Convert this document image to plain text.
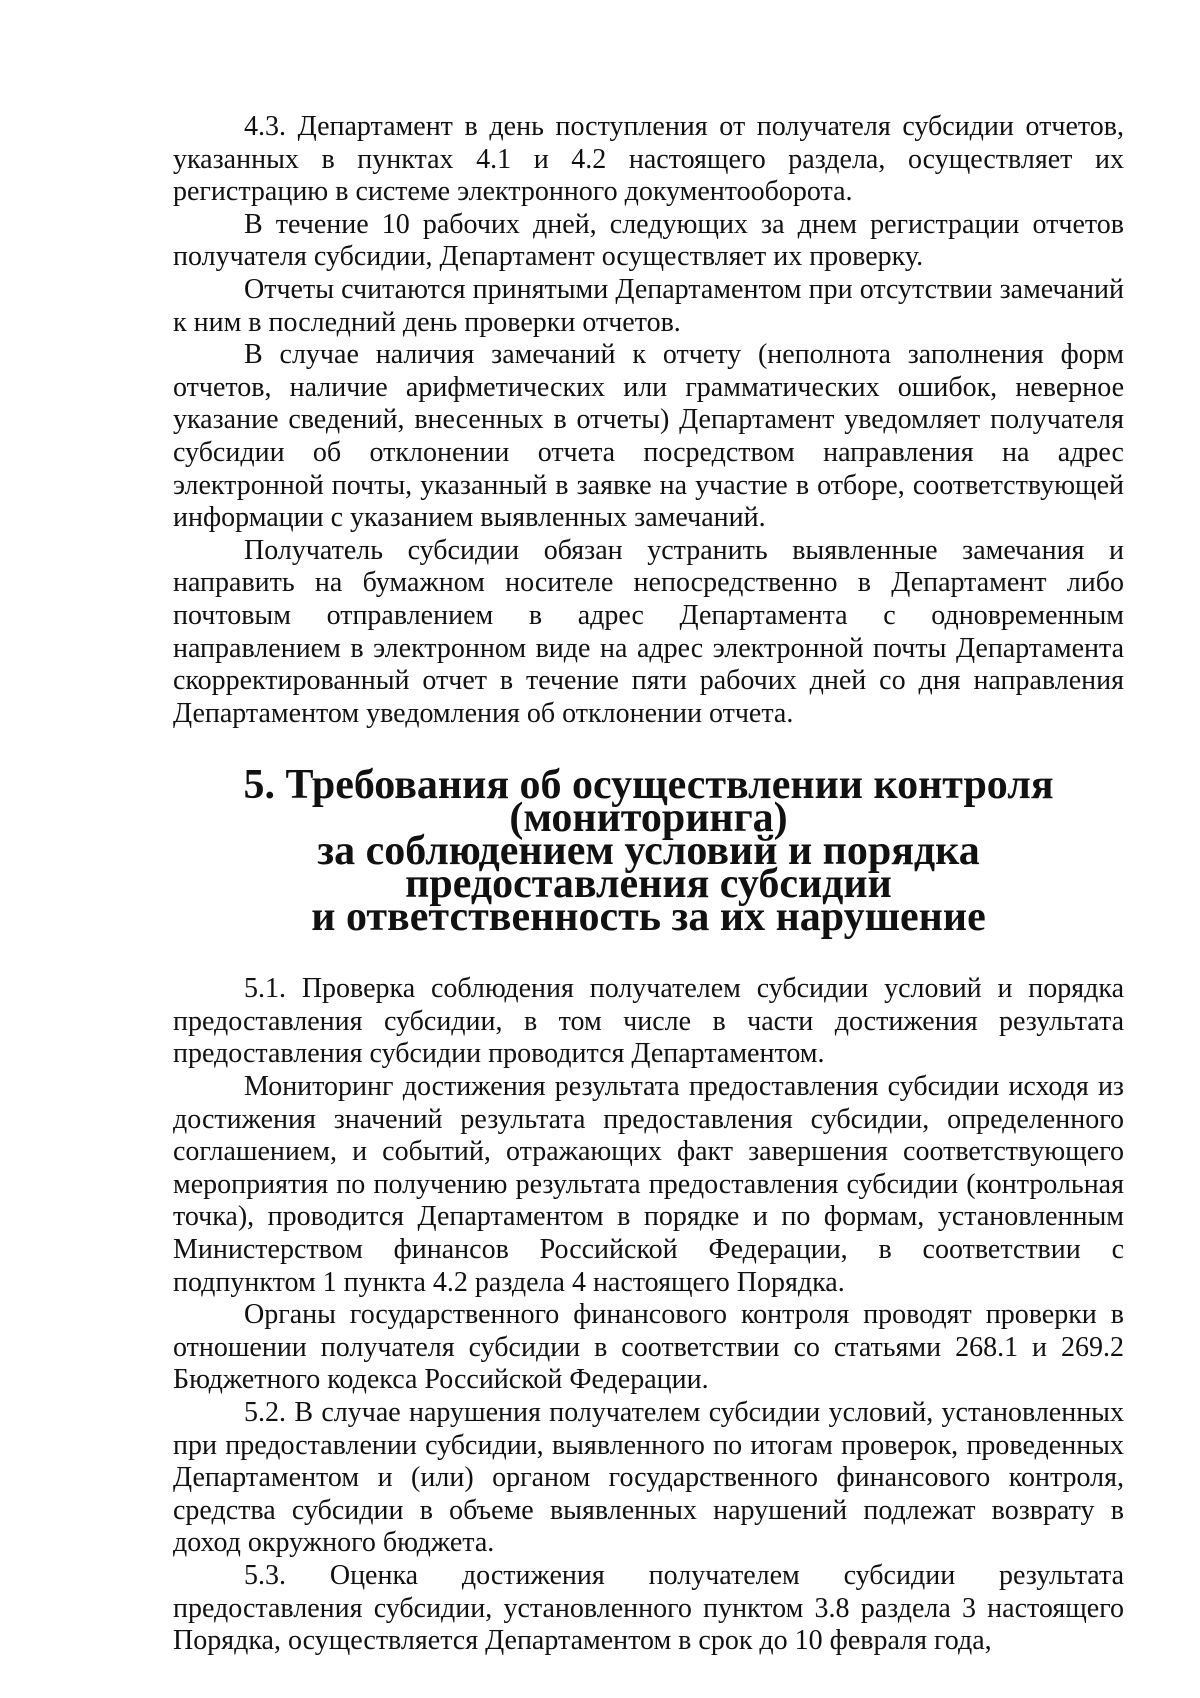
4.3. Департамент в день поступления от получателя субсидии отчетов, указанных в пунктах 4.1 и 4.2 настоящего раздела, осуществляет их регистрацию в системе электронного документооборота.

В течение 10 рабочих дней, следующих за днем регистрации отчетов получателя субсидии, Департамент осуществляет их проверку.

Отчеты считаются принятыми Департаментом при отсутствии замечаний к ним в последний день проверки отчетов.

В случае наличия замечаний к отчету (неполнота заполнения форм отчетов, наличие арифметических или грамматических ошибок, неверное указание сведений, внесенных в отчеты) Департамент уведомляет получателя субсидии об отклонении отчета посредством направления на адрес электронной почты, указанный в заявке на участие в отборе, соответствующей информации с указанием выявленных замечаний.

Получатель субсидии обязан устранить выявленные замечания и направить на бумажном носителе непосредственно в Департамент либо почтовым отправлением в адрес Департамента с одновременным направлением в электронном виде на адрес электронной почты Департамента скорректированный отчет в течение пяти рабочих дней со дня направления Департаментом уведомления об отклонении отчета.

5. Требования об осуществлении контроля (мониторинга)
за соблюдением условий и порядка предоставления субсидии
и ответственность за их нарушение

5.1. Проверка соблюдения получателем субсидии условий и порядка предоставления субсидии, в том числе в части достижения результата предоставления субсидии проводится Департаментом.

Мониторинг достижения результата предоставления субсидии исходя из достижения значений результата предоставления субсидии, определенного соглашением, и событий, отражающих факт завершения соответствующего мероприятия по получению результата предоставления субсидии (контрольная точка), проводится Департаментом в порядке и по формам, установленным Министерством финансов Российской Федерации, в соответствии с подпунктом 1 пункта 4.2 раздела 4 настоящего Порядка.

Органы государственного финансового контроля проводят проверки в отношении получателя субсидии в соответствии со статьями 268.1 и 269.2 Бюджетного кодекса Российской Федерации.

5.2. В случае нарушения получателем субсидии условий, установленных при предоставлении субсидии, выявленного по итогам проверок, проведенных Департаментом и (или) органом государственного финансового контроля, средства субсидии в объеме выявленных нарушений подлежат возврату в доход окружного бюджета.

5.3. Оценка достижения получателем субсидии результата предоставления субсидии, установленного пунктом 3.8 раздела 3 настоящего Порядка, осуществляется Департаментом в срок до 10 февраля года,
